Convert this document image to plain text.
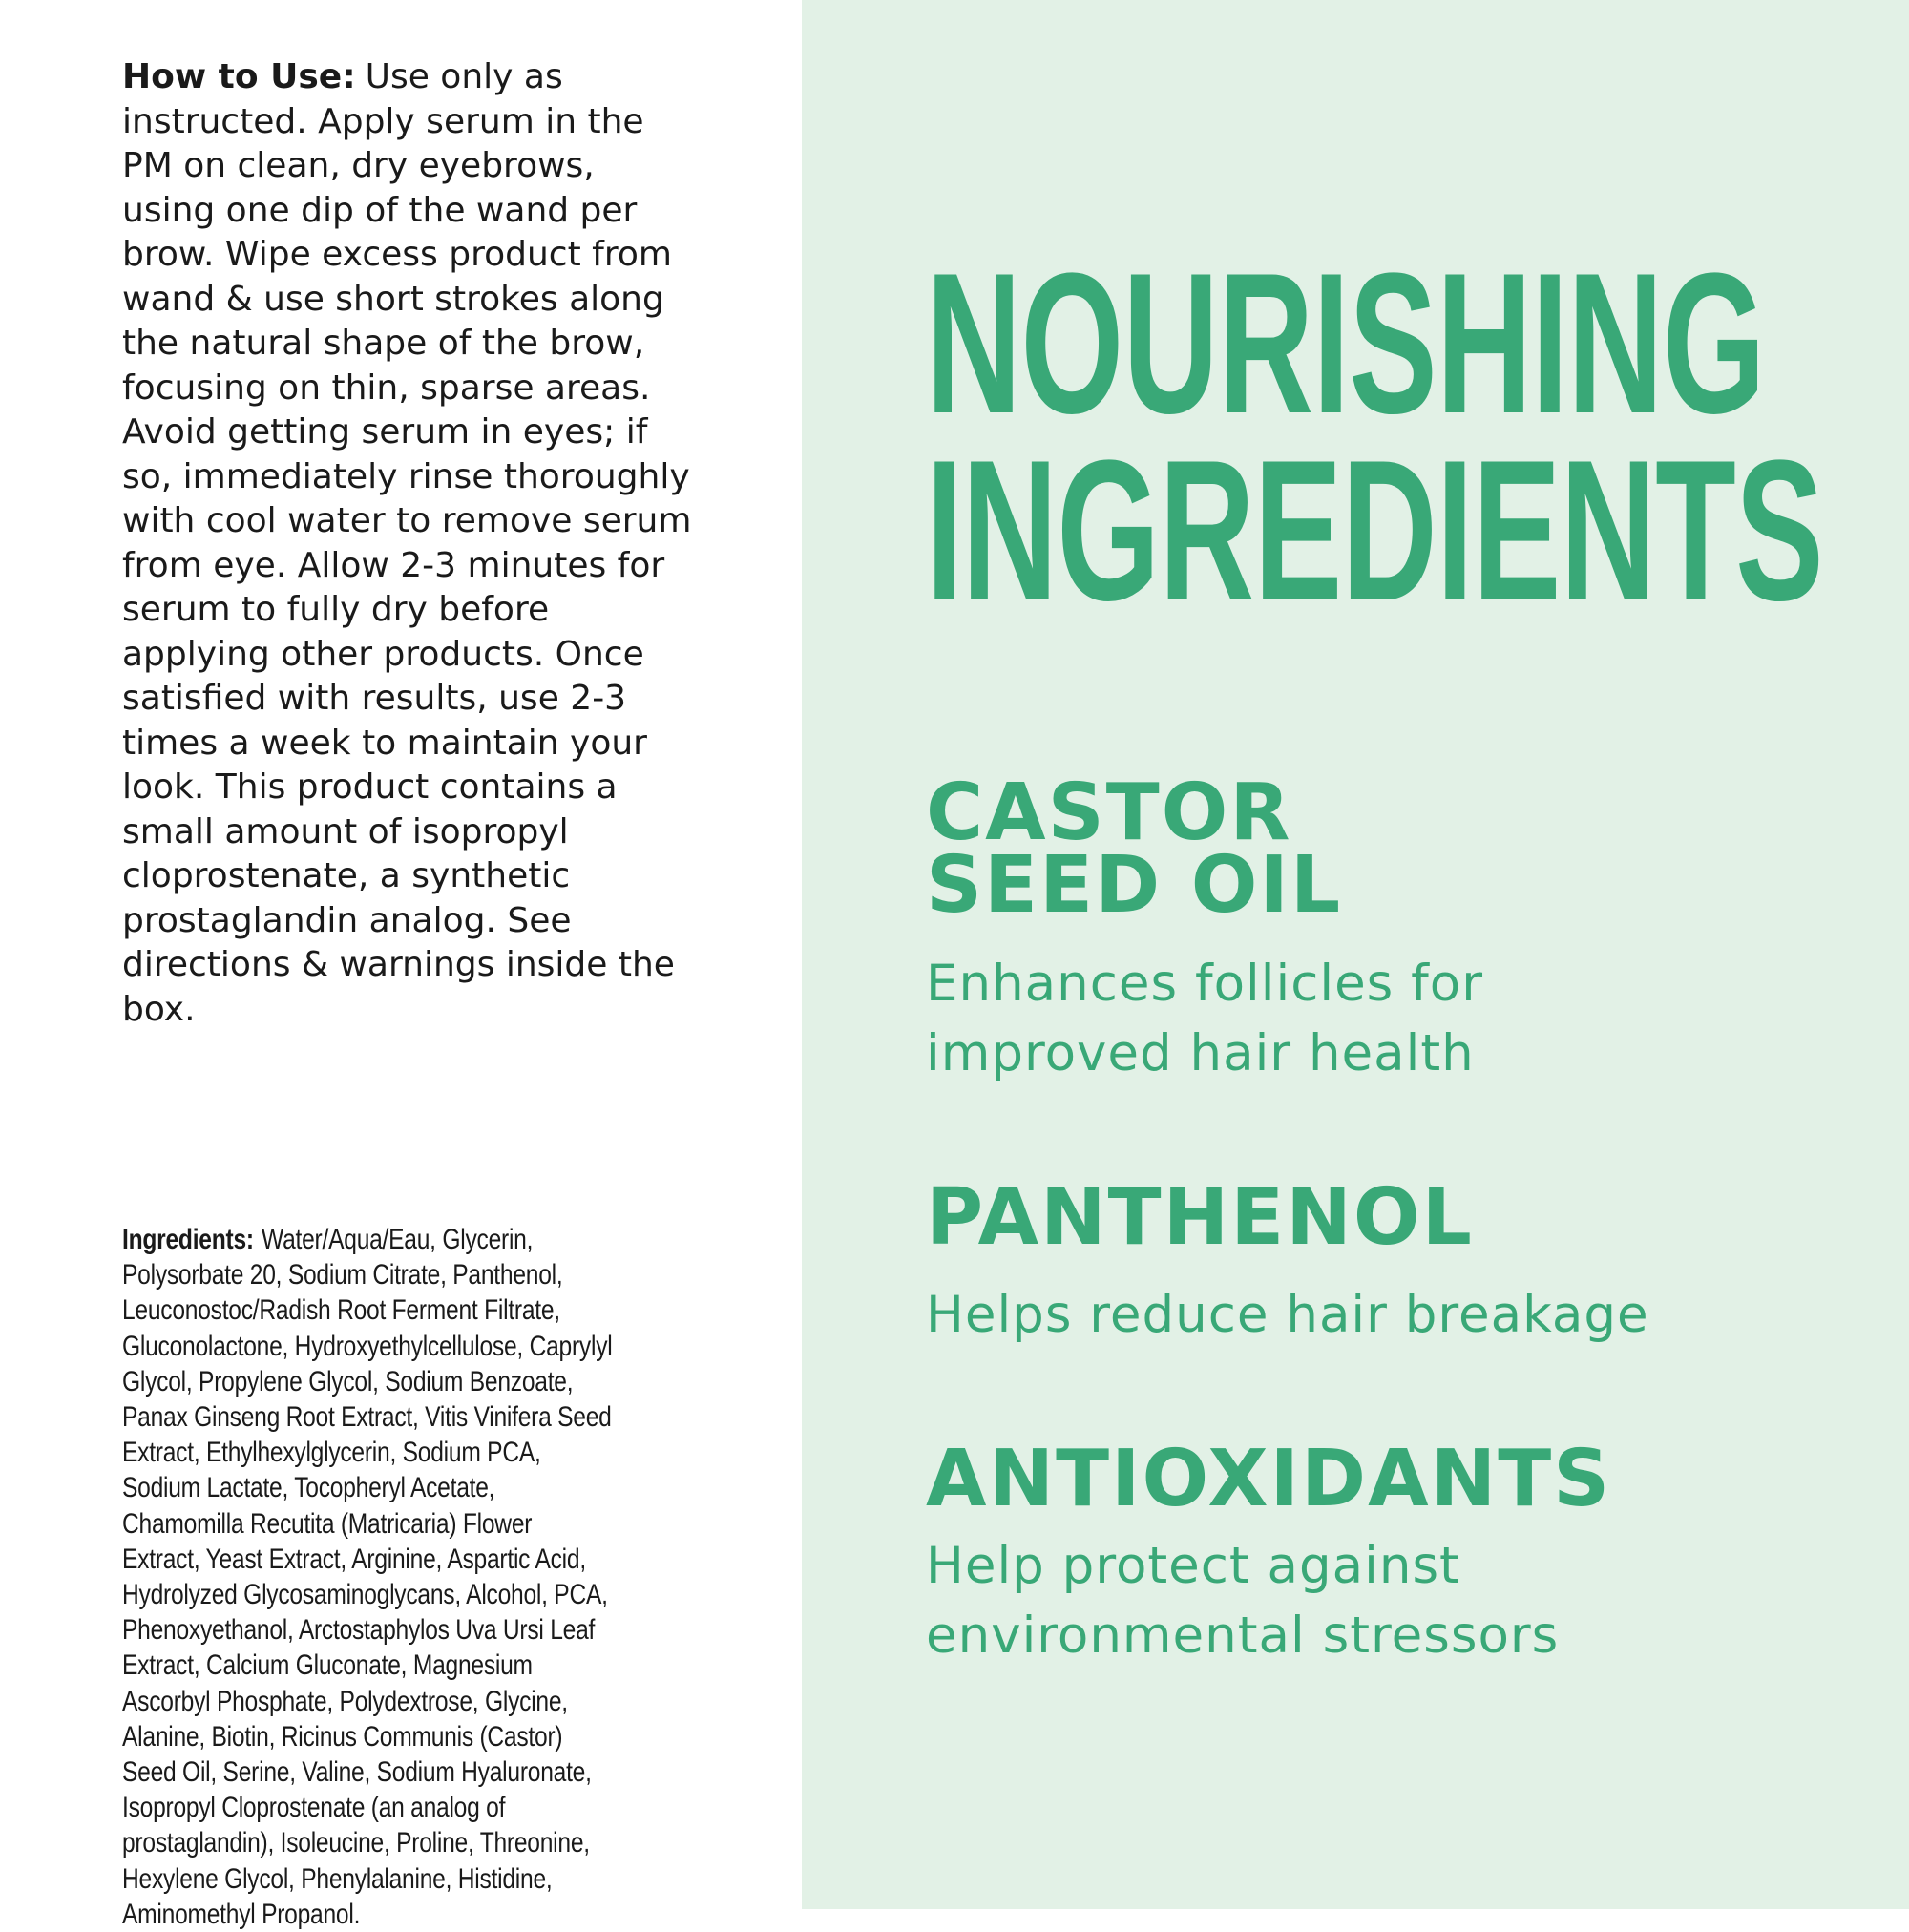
How to Use: Use only as instructed. Apply serum in the PM on clean, dry eyebrows, using one dip of the wand per brow. Wipe excess product from wand & use short strokes along the natural shape of the brow, focusing on thin, sparse areas. Avoid getting serum in eyes; if so, immediately rinse thoroughly with cool water to remove serum from eye. Allow 2-3 minutes for serum to fully dry before applying other products. Once satisfied with results, use 2-3 times a week to maintain your look. This product contains a small amount of isopropyl cloprostenate, a synthetic prostaglandin analog. See directions & warnings inside the box.

Ingredients: Water/Aqua/Eau, Glycerin, Polysorbate 20, Sodium Citrate, Panthenol, Leuconostoc/Radish Root Ferment Filtrate, Gluconolactone, Hydroxyethylcellulose, Caprylyl Glycol, Propylene Glycol, Sodium Benzoate, Panax Ginseng Root Extract, Vitis Vinifera Seed Extract, Ethylhexylglycerin, Sodium PCA, Sodium Lactate, Tocopheryl Acetate, Chamomilla Recutita (Matricaria) Flower Extract, Yeast Extract, Arginine, Aspartic Acid, Hydrolyzed Glycosaminoglycans, Alcohol, PCA, Phenoxyethanol, Arctostaphylos Uva Ursi Leaf Extract, Calcium Gluconate, Magnesium Ascorbyl Phosphate, Polydextrose, Glycine, Alanine, Biotin, Ricinus Communis (Castor) Seed Oil, Serine, Valine, Sodium Hyaluronate, Isopropyl Cloprostenate (an analog of prostaglandin), Isoleucine, Proline, Threonine, Hexylene Glycol, Phenylalanine, Histidine, Aminomethyl Propanol.

NOURISHING
INGREDIENTS
CASTOR
SEED OIL

Enhances follicles for
improved hair health

PANTHENOL

Helps reduce hair breakage

ANTIOXIDANTS

Help protect against
environmental stressors
